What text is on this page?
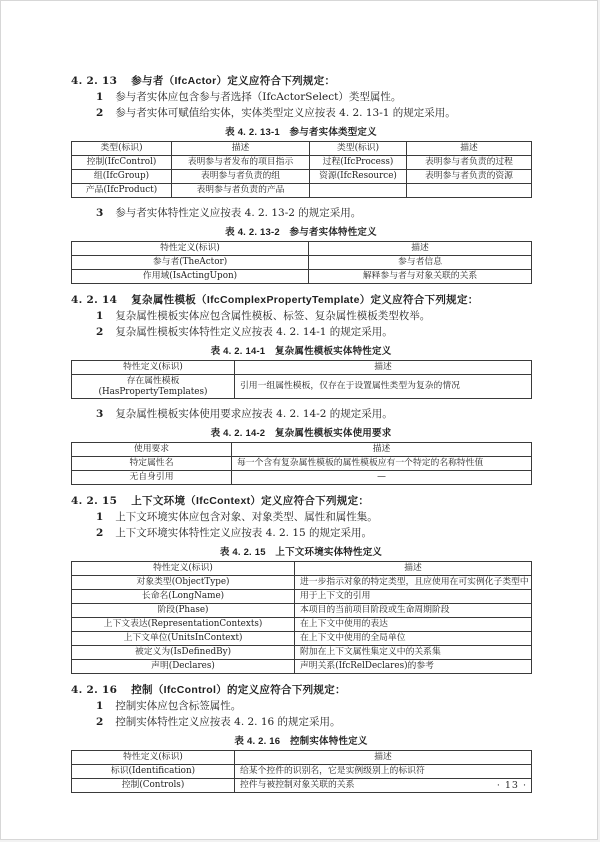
4. 2. 13 参与者（IfcActor）定义应符合下列规定：
1 参与者实体应包含参与者选择（IfcActorSelect）类型属性。
2 参与者实体可赋值给实体，实体类型定义应按表 4. 2. 13-1 的规定采用。
表 4. 2. 13-1　参与者实体类型定义
类型(标识)	描述	类型(标识)	描述
控制(IfcControl)	表明参与者发布的项目指示	过程(IfcProcess)	表明参与者负责的过程
组(IfcGroup)	表明参与者负责的组	资源(IfcResource)	表明参与者负责的资源
产品(IfcProduct)	表明参与者负责的产品		
3 参与者实体特性定义应按表 4. 2. 13-2 的规定采用。
表 4. 2. 13-2　参与者实体特性定义
特性定义(标识)	描述
参与者(TheActor)	参与者信息
作用域(IsActingUpon)	解释参与者与对象关联的关系
4. 2. 14 复杂属性模板（IfcComplexPropertyTemplate）定义应符合下列规定：
1 复杂属性模板实体应包含属性模板、标签、复杂属性模板类型枚举。
2 复杂属性模板实体特性定义应按表 4. 2. 14-1 的规定采用。
表 4. 2. 14-1　复杂属性模板实体特性定义
特性定义(标识)	描述

存在属性模板
(HasPropertyTemplates)	引用一组属性模板，仅存在于设置属性类型为复杂的情况
3 复杂属性模板实体使用要求应按表 4. 2. 14-2 的规定采用。
表 4. 2. 14-2　复杂属性模板实体使用要求
使用要求	描述
特定属性名	每一个含有复杂属性模板的属性模板应有一个特定的名称特性值
无自身引用	—
4. 2. 15 上下文环境（IfcContext）定义应符合下列规定：
1 上下文环境实体应包含对象、对象类型、属性和属性集。
2 上下文环境实体特性定义应按表 4. 2. 15 的规定采用。
表 4. 2. 15　上下文环境实体特性定义
特性定义(标识)	描述
对象类型(ObjectType)	进一步指示对象的特定类型，且应使用在可实例化子类型中
长命名(LongName)	用于上下文的引用
阶段(Phase)	本项目的当前项目阶段或生命周期阶段
上下文表达(RepresentationContexts)	在上下文中使用的表达
上下文单位(UnitsInContext)	在上下文中使用的全局单位
被定义为(IsDefinedBy)	附加在上下文属性集定义中的关系集
声明(Declares)	声明关系(IfcRelDeclares)的参考
4. 2. 16 控制（IfcControl）的定义应符合下列规定：
1 控制实体应包含标签属性。
2 控制实体特性定义应按表 4. 2. 16 的规定采用。
表 4. 2. 16　控制实体特性定义
特性定义(标识)	描述
标识(Identification)	给某个控件的识别名，它是实例级别上的标识符
控制(Controls)	控件与被控制对象关联的关系	· 13 ·
